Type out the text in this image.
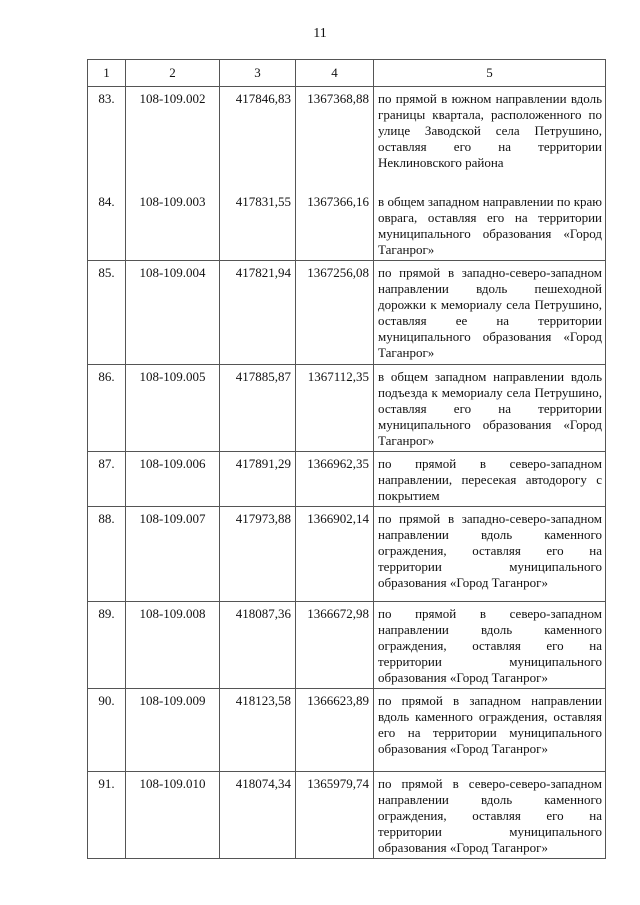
11
1	2	3	4	5
83.	108-109.002	417846,83	1367368,88	по прямой в южном направлении вдоль границы квартала, расположенного по улице Заводской села Петрушино, оставляя его на территории Неклиновского района
84.	108-109.003	417831,55	1367366,16	в общем западном направлении по краю оврага, оставляя его на территории муниципального образования «Город Таганрог»
85.	108-109.004	417821,94	1367256,08	по прямой в западно-северо-западном направлении вдоль пешеходной дорожки к мемориалу села Петрушино, оставляя ее на территории муниципального образования «Город Таганрог»
86.	108-109.005	417885,87	1367112,35	в общем западном направлении вдоль подъезда к мемориалу села Петрушино, оставляя его на территории муниципального образования «Город Таганрог»
87.	108-109.006	417891,29	1366962,35	по прямой в северо-западном направлении, пересекая автодорогу с покрытием
88.	108-109.007	417973,88	1366902,14	по прямой в западно-северо-западном направлении вдоль каменного ограждения, оставляя его на территории муниципального образования «Город Таганрог»
89.	108-109.008	418087,36	1366672,98	по прямой в северо-западном направлении вдоль каменного ограждения, оставляя его на территории муниципального образования «Город Таганрог»
90.	108-109.009	418123,58	1366623,89	по прямой в западном направлении вдоль каменного ограждения, оставляя его на территории муниципального образования «Город Таганрог»
91.	108-109.010	418074,34	1365979,74	по прямой в северо-северо-западном направлении вдоль каменного ограждения, оставляя его на территории муниципального образования «Город Таганрог»
